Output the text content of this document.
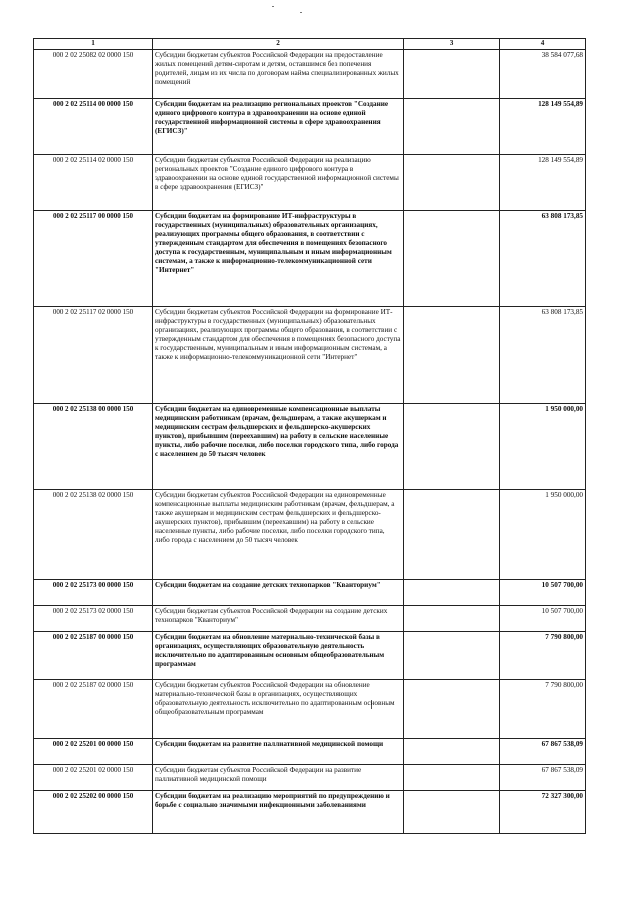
1	2	3	4
000 2 02 25082 02 0000 150	Субсидии бюджетам субъектов Российской Федерации на предоставление жилых помещений детям-сиротам и детям, оставшимся без попечения родителей, лицам из их числа по договорам найма специализированных жилых помещений		38 584 077,68
000 2 02 25114 00 0000 150	Субсидии бюджетам на реализацию региональных проектов "Создание единого цифрового контура в здравоохранении на основе единой государственной информационной системы в сфере здравоохранения (ЕГИСЗ)"		128 149 554,89
000 2 02 25114 02 0000 150	Субсидии бюджетам субъектов Российской Федерации на реализацию региональных проектов "Создание единого цифрового контура в здравоохранении на основе единой государственной информационной системы в сфере здравоохранения (ЕГИСЗ)"		128 149 554,89
000 2 02 25117 00 0000 150	Субсидии бюджетам на формирование ИТ-инфраструктуры в государственных (муниципальных) образовательных организациях, реализующих программы общего образования, в соответствии с утвержденным стандартом для обеспечения в помещениях безопасного доступа к государственным, муниципальным и иным информационным системам, а также к информационно-телекоммуникационной сети "Интернет"		63 808 173,85
000 2 02 25117 02 0000 150	Субсидии бюджетам субъектов Российской Федерации на формирование ИТ-инфраструктуры в государственных (муниципальных) образовательных организациях, реализующих программы общего образования, в соответствии с утвержденным стандартом для обеспечения в помещениях безопасного доступа к государственным, муниципальным и иным информационным системам, а также к информационно-телекоммуникационной сети "Интернет"		63 808 173,85
000 2 02 25138 00 0000 150	Субсидии бюджетам на единовременные компенсационные выплаты медицинским работникам (врачам, фельдшерам, а также акушеркам и медицинским сестрам фельдшерских и фельдшерско-акушерских пунктов), прибывшим (переехавшим) на работу в сельские населенные пункты, либо рабочие поселки, либо поселки городского типа, либо города с населением до 50 тысяч человек		1 950 000,00
000 2 02 25138 02 0000 150	Субсидии бюджетам субъектов Российской Федерации на единовременные компенсационные выплаты медицинским работникам (врачам, фельдшерам, а также акушеркам и медицинским сестрам фельдшерских и фельдшерско-акушерских пунктов), прибывшим (переехавшим) на работу в сельские населенные пункты, либо рабочие поселки, либо поселки городского типа, либо города с населением до 50 тысяч человек		1 950 000,00
000 2 02 25173 00 0000 150	Субсидии бюджетам на создание детских технопарков "Кванториум"		10 507 700,00
000 2 02 25173 02 0000 150	Субсидии бюджетам субъектов Российской Федерации на создание детских технопарков "Кванториум"		10 507 700,00
000 2 02 25187 00 0000 150	Субсидии бюджетам на обновление материально-технической базы в организациях, осуществляющих образовательную деятельность исключительно по адаптированным основным общеобразовательным программам		7 790 800,00
000 2 02 25187 02 0000 150	Субсидии бюджетам субъектов Российской Федерации на обновление материально-технической базы в организациях, осуществляющих образовательную деятельность исключительно по адаптированным основным общеобразовательным программам		7 790 800,00
000 2 02 25201 00 0000 150	Субсидии бюджетам на развитие паллиативной медицинской помощи		67 867 538,09
000 2 02 25201 02 0000 150	Субсидии бюджетам субъектов Российской Федерации на развитие паллиативной медицинской помощи		67 867 538,09
000 2 02 25202 00 0000 150	Субсидии бюджетам на реализацию мероприятий по предупреждению и борьбе с социально значимыми инфекционными заболеваниями		72 327 300,00
